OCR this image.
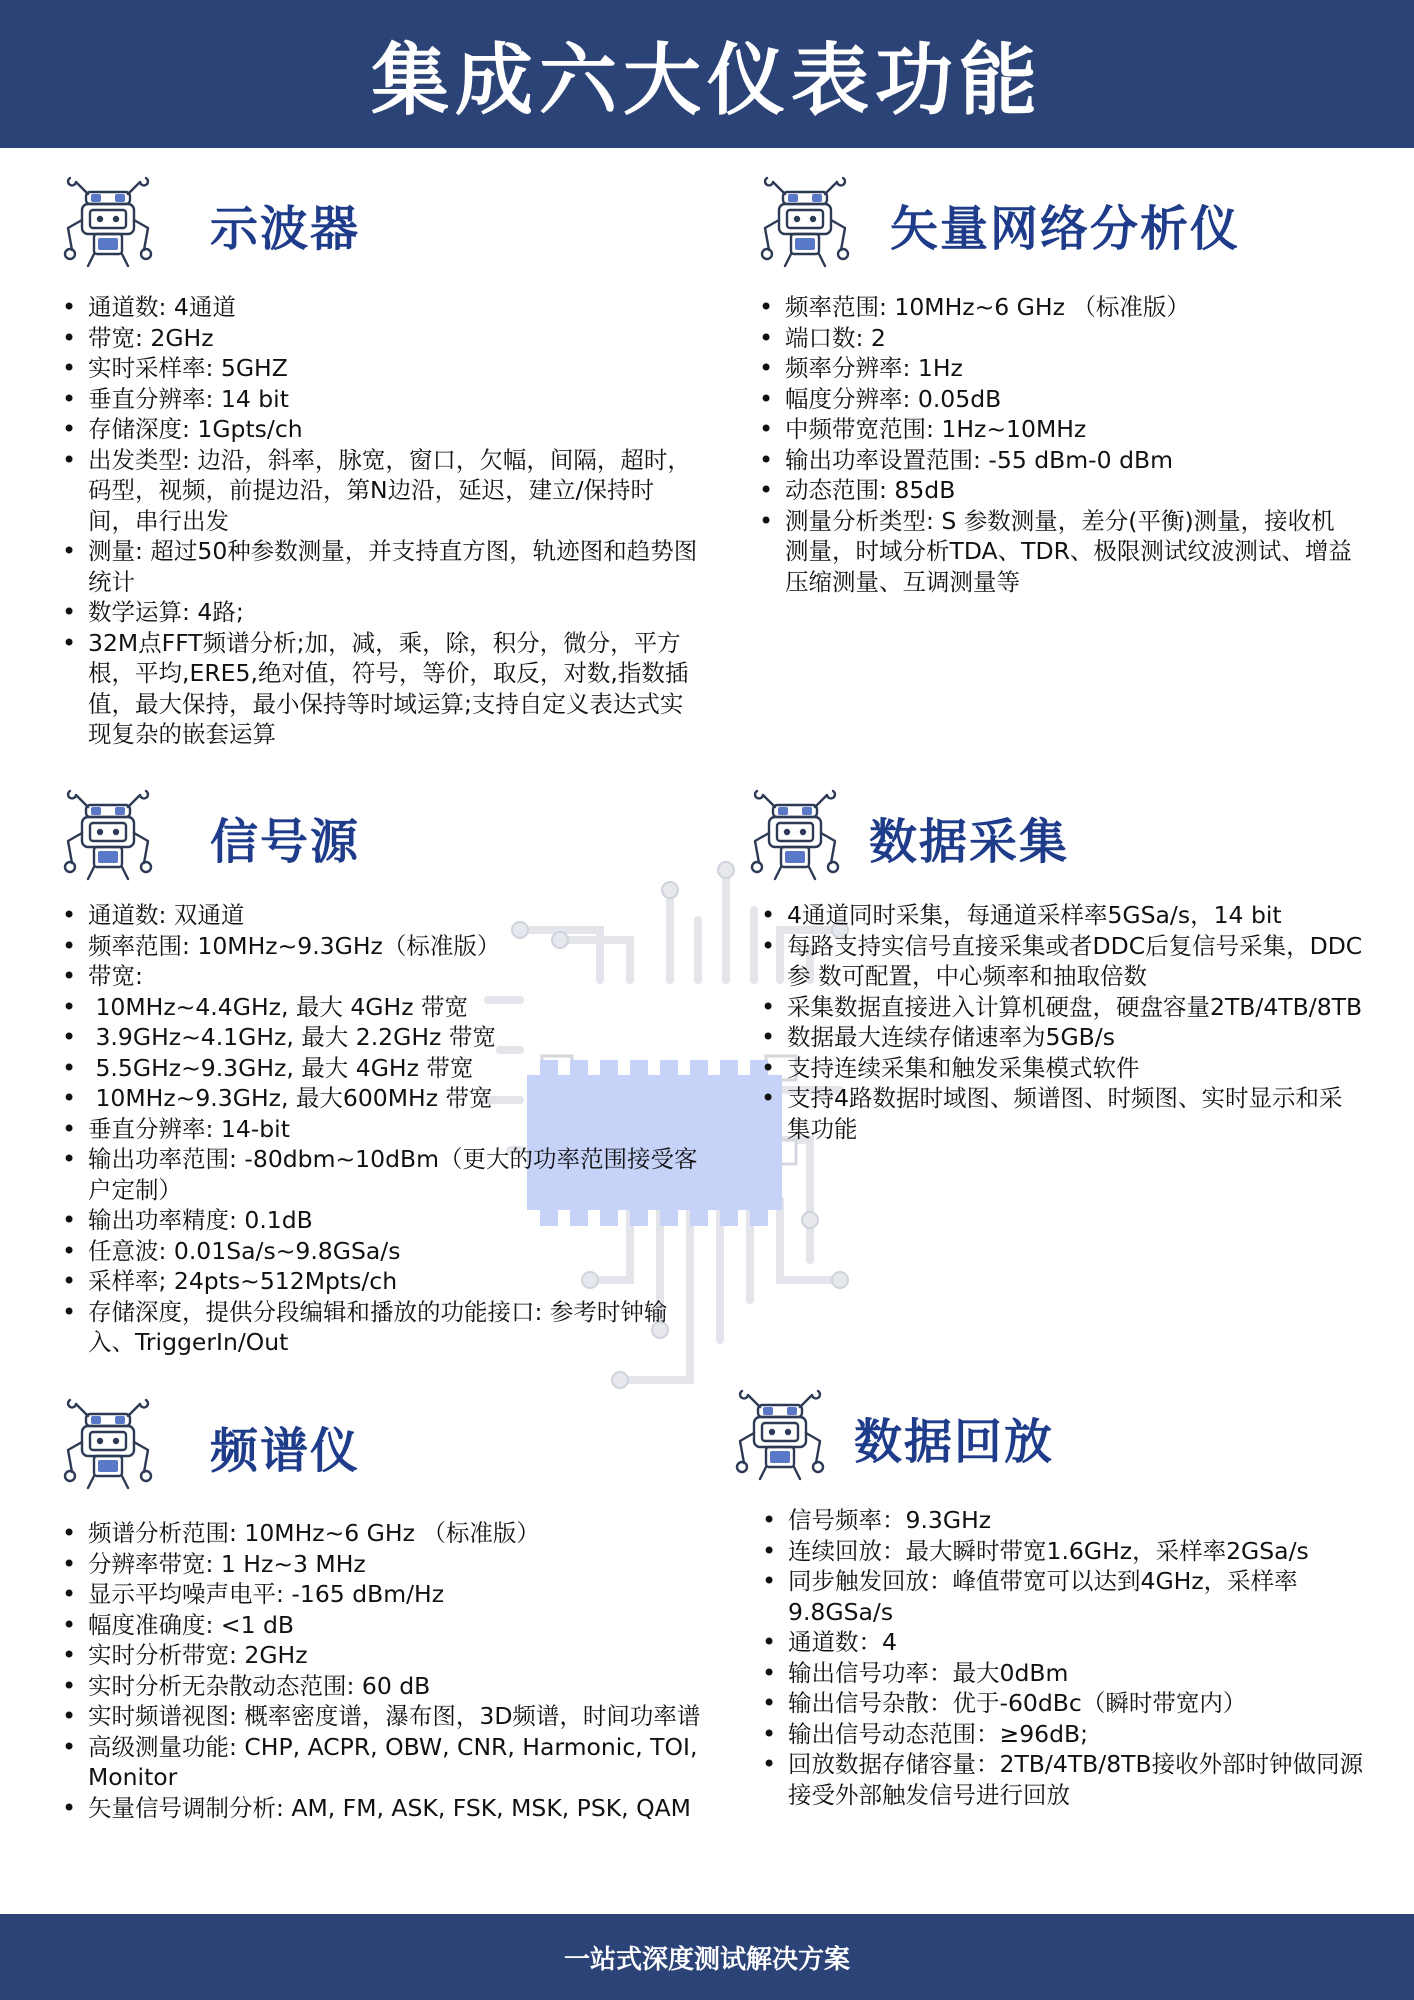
集成六大仪表功能
示波器
• 通道数: 4通道
• 带宽: 2GHz
• 实时采样率: 5GHZ
• 垂直分辨率: 14 bit
• 存储深度: 1Gpts/ch
• 出发类型: 边沿，斜率，脉宽，窗口，欠幅，间隔，超时，码型，视频，前提边沿，第N边沿，延迟，建立/保持时间，串行出发
• 测量: 超过50种参数测量，并支持直方图，轨迹图和趋势图统计
• 数学运算: 4路;
• 32M点FFT频谱分析;加，减，乘，除，积分，微分，平方根，平均,ERE5,绝对值，符号，等价，取反，对数,指数插值，最大保持，最小保持等时域运算;支持自定义表达式实现复杂的嵌套运算
矢量网络分析仪
• 频率范围: 10MHz~6 GHz （标准版）
• 端口数: 2
• 频率分辨率: 1Hz
• 幅度分辨率: 0.05dB
• 中频带宽范围: 1Hz~10MHz
• 输出功率设置范围: -55 dBm-0 dBm
• 动态范围: 85dB
• 测量分析类型: S 参数测量，差分(平衡)测量，接收机测量，时域分析TDA、TDR、极限测试纹波测试、增益压缩测量、互调测量等
信号源
• 通道数: 双通道
• 频率范围: 10MHz~9.3GHz（标准版）
• 带宽:
•  10MHz~4.4GHz, 最大 4GHz 带宽
•  3.9GHz~4.1GHz, 最大 2.2GHz 带宽
•  5.5GHz~9.3GHz, 最大 4GHz 带宽
•  10MHz~9.3GHz, 最大600MHz 带宽
• 垂直分辨率: 14-bit
• 输出功率范围: -80dbm~10dBm（更大的功率范围接受客户定制）
• 输出功率精度: 0.1dB
• 任意波: 0.01Sa/s~9.8GSa/s
• 采样率; 24pts~512Mpts/ch
• 存储深度，提供分段编辑和播放的功能接口: 参考时钟输入、TriggerIn/Out
数据采集
• 4通道同时采集，每通道采样率5GSa/s，14 bit
• 每路支持实信号直接采集或者DDC后复信号采集，DDC参 数可配置，中心频率和抽取倍数
• 采集数据直接进入计算机硬盘，硬盘容量2TB/4TB/8TB
• 数据最大连续存储速率为5GB/s
• 支持连续采集和触发采集模式软件
• 支持4路数据时域图、频谱图、时频图、实时显示和采集功能
频谱仪
• 频谱分析范围: 10MHz~6 GHz （标准版）
• 分辨率带宽: 1 Hz~3 MHz
• 显示平均噪声电平: -165 dBm/Hz
• 幅度准确度: <1 dB
• 实时分析带宽: 2GHz
• 实时分析无杂散动态范围: 60 dB
• 实时频谱视图: 概率密度谱，瀑布图，3D频谱，时间功率谱
• 高级测量功能: CHP, ACPR, OBW, CNR, Harmonic, TOI, Monitor
• 矢量信号调制分析: AM, FM, ASK, FSK, MSK, PSK, QAM
数据回放
• 信号频率：9.3GHz
• 连续回放：最大瞬时带宽1.6GHz，采样率2GSa/s
• 同步触发回放：峰值带宽可以达到4GHz，采样率9.8GSa/s
• 通道数：4
• 输出信号功率：最大0dBm
• 输出信号杂散：优于-60dBc（瞬时带宽内）
• 输出信号动态范围：≥96dB;
• 回放数据存储容量：2TB/4TB/8TB接收外部时钟做同源接受外部触发信号进行回放
一站式深度测试解决方案
